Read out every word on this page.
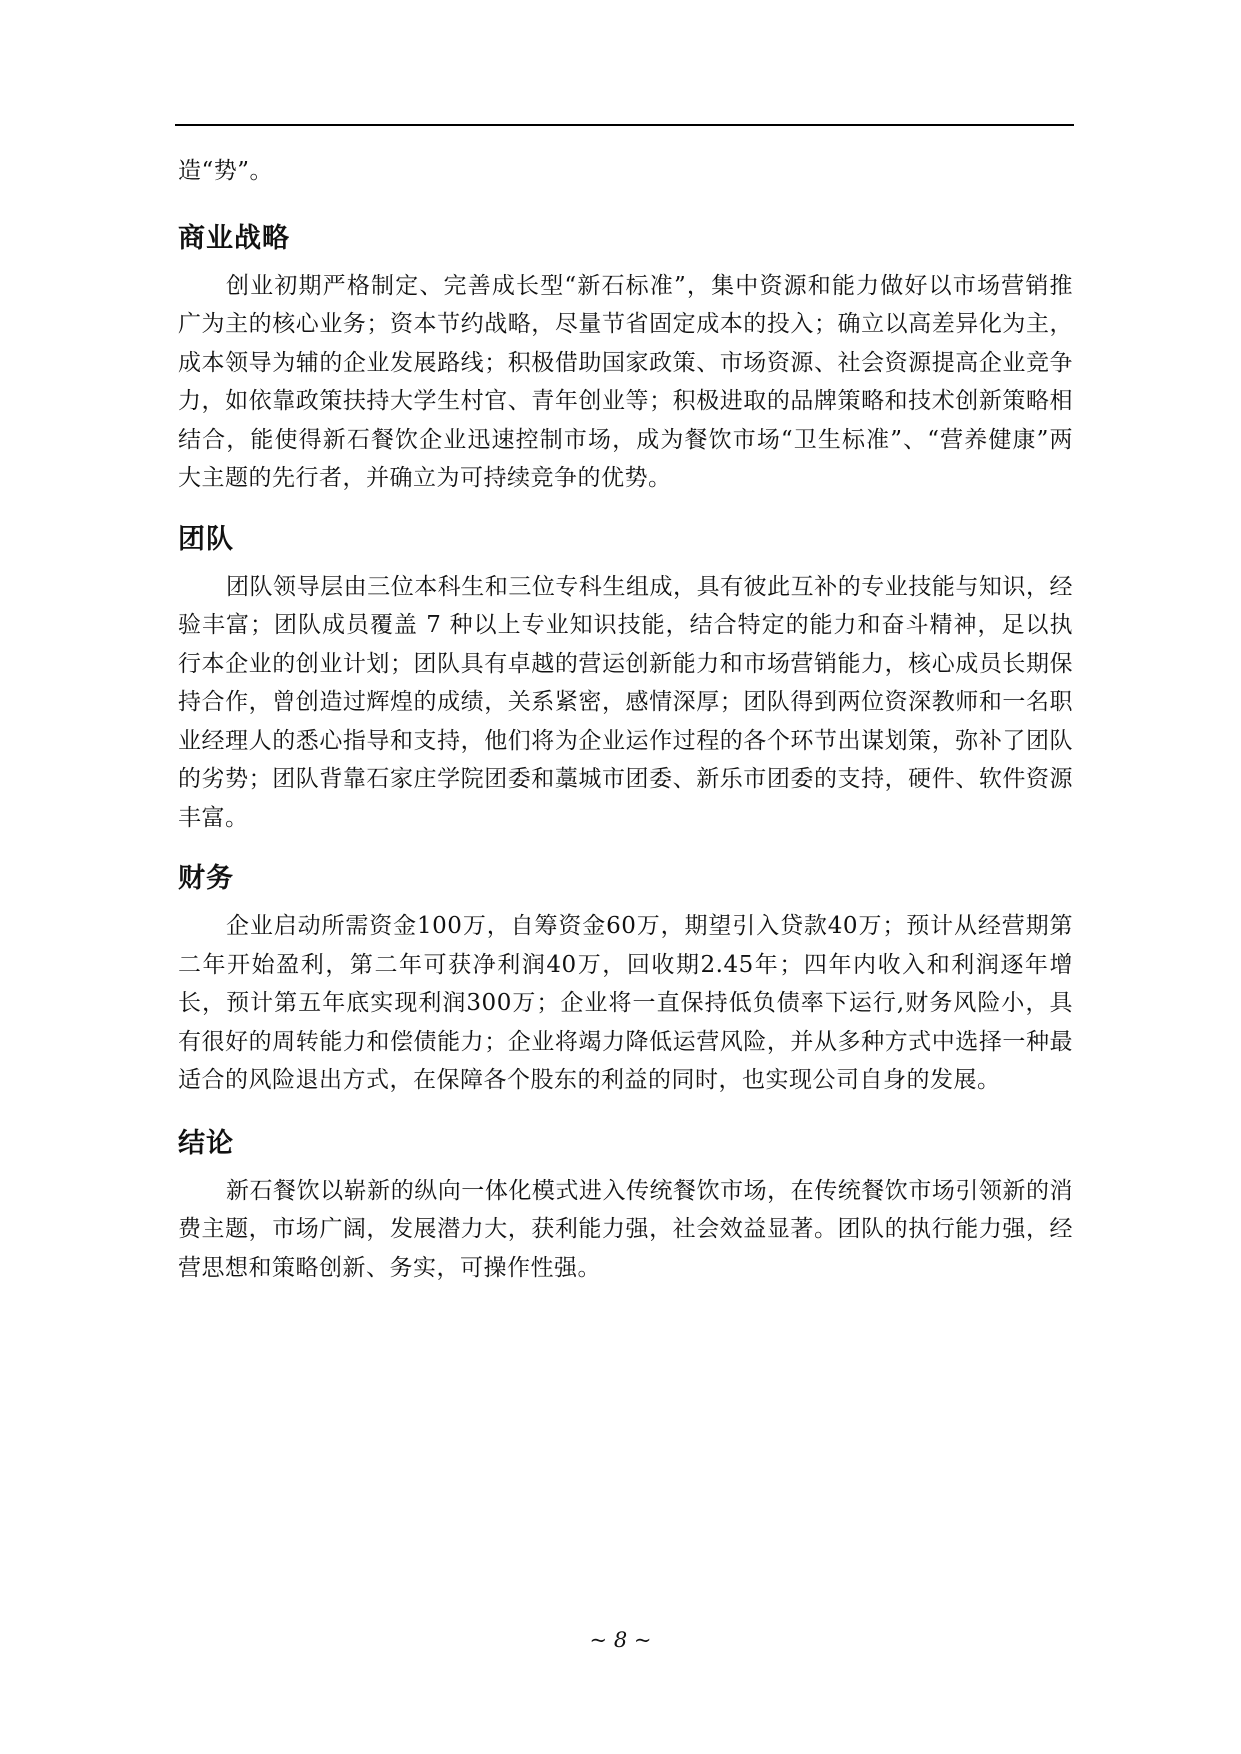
造“势”。

商业战略

创业初期严格制定、完善成长型“新石标准”，集中资源和能力做好以市场营销推广为主的核心业务；资本节约战略，尽量节省固定成本的投入；确立以高差异化为主，成本领导为辅的企业发展路线；积极借助国家政策、市场资源、社会资源提高企业竞争力，如依靠政策扶持大学生村官、青年创业等；积极进取的品牌策略和技术创新策略相结合，能使得新石餐饮企业迅速控制市场，成为餐饮市场“卫生标准”、“营养健康”两大主题的先行者，并确立为可持续竞争的优势。

团队

团队领导层由三位本科生和三位专科生组成，具有彼此互补的专业技能与知识，经验丰富；团队成员覆盖 7 种以上专业知识技能，结合特定的能力和奋斗精神，足以执行本企业的创业计划；团队具有卓越的营运创新能力和市场营销能力，核心成员长期保持合作，曾创造过辉煌的成绩，关系紧密，感情深厚；团队得到两位资深教师和一名职业经理人的悉心指导和支持，他们将为企业运作过程的各个环节出谋划策，弥补了团队的劣势；团队背靠石家庄学院团委和藁城市团委、新乐市团委的支持，硬件、软件资源丰富。

财务

企业启动所需资金100万，自筹资金60万，期望引入贷款40万；预计从经营期第二年开始盈利，第二年可获净利润40万，回收期2.45年；四年内收入和利润逐年增长，预计第五年底实现利润300万；企业将一直保持低负债率下运行,财务风险小，具有很好的周转能力和偿债能力；企业将竭力降低运营风险，并从多种方式中选择一种最适合的风险退出方式，在保障各个股东的利益的同时，也实现公司自身的发展。

结论

新石餐饮以崭新的纵向一体化模式进入传统餐饮市场，在传统餐饮市场引领新的消费主题，市场广阔，发展潜力大，获利能力强，社会效益显著。团队的执行能力强，经营思想和策略创新、务实，可操作性强。

~ 8 ~
